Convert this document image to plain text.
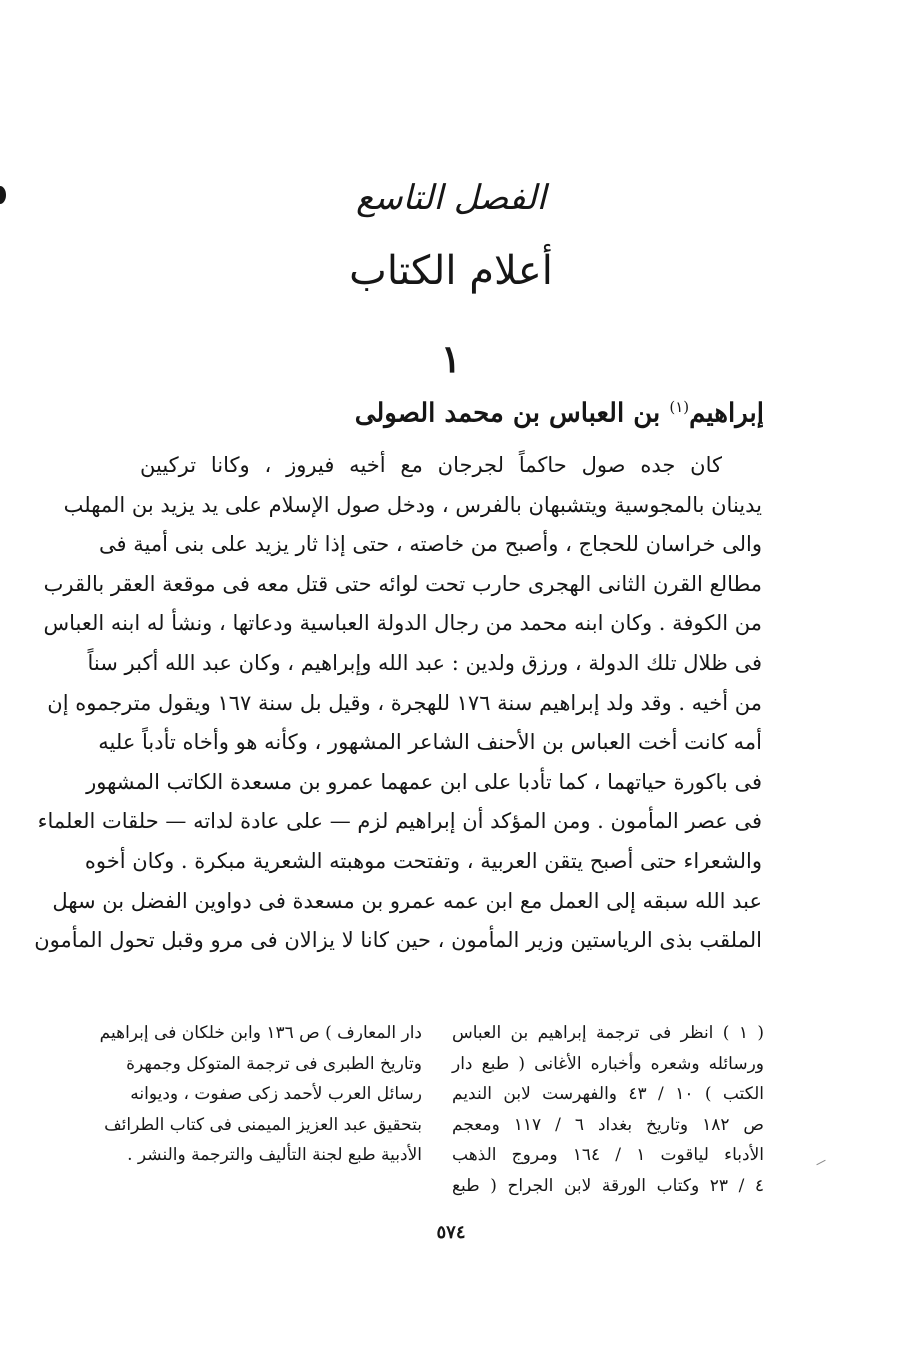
الفصل التاسع
أعلام الكتاب
١
إبراهيم$^{(١)}$ بن العباس بن محمد الصولى
كان جده صول حاكماً لجرجان مع أخيه فيروز ، وكانا تركيين
يدينان بالمجوسية ويتشبهان بالفرس ، ودخل صول الإسلام على يد يزيد بن المهلب
والى خراسان للحجاج ، وأصبح من خاصته ، حتى إذا ثار يزيد على بنى أمية فى
مطالع القرن الثانى الهجرى حارب تحت لوائه حتى قتل معه فى موقعة العقر بالقرب
من الكوفة . وكان ابنه محمد من رجال الدولة العباسية ودعاتها ، ونشأ له ابنه العباس
فى ظلال تلك الدولة ، ورزق ولدين : عبد الله وإبراهيم ، وكان عبد الله أكبر سناً
من أخيه . وقد ولد إبراهيم سنة ١٧٦ للهجرة ، وقيل بل سنة ١٦٧ ويقول مترجموه إن
أمه كانت أخت العباس بن الأحنف الشاعر المشهور ، وكأنه هو وأخاه تأدباً عليه
فى باكورة حياتهما ، كما تأدبا على ابن عمهما عمرو بن مسعدة الكاتب المشهور
فى عصر المأمون . ومن المؤكد أن إبراهيم لزم — على عادة لداته — حلقات العلماء
والشعراء حتى أصبح يتقن العربية ، وتفتحت موهبته الشعرية مبكرة . وكان أخوه
عبد الله سبقه إلى العمل مع ابن عمه عمرو بن مسعدة فى دواوين الفضل بن سهل
الملقب بذى الرياستين وزير المأمون ، حين كانا لا يزالان فى مرو وقبل تحول المأمون
( ١ ) انظر فى ترجمة إبراهيم بن العباس
ورسائله وشعره وأخباره الأغانى ( طبع دار
الكتب ) ١٠ / ٤٣ والفهرست لابن النديم
ص ١٨٢ وتاريخ بغداد ٦ / ١١٧ ومعجم
الأدباء لياقوت ١ / ١٦٤ ومروج الذهب
٤ / ٢٣ وكتاب الورقة لابن الجراح ( طبع
دار المعارف ) ص ١٣٦ وابن خلكان فى إبراهيم
وتاريخ الطبرى فى ترجمة المتوكل وجمهرة
رسائل العرب لأحمد زكى صفوت ، وديوانه
بتحقيق عبد العزيز الميمنى فى كتاب الطرائف
الأدبية طبع لجنة التأليف والترجمة والنشر .
٥٧٤
